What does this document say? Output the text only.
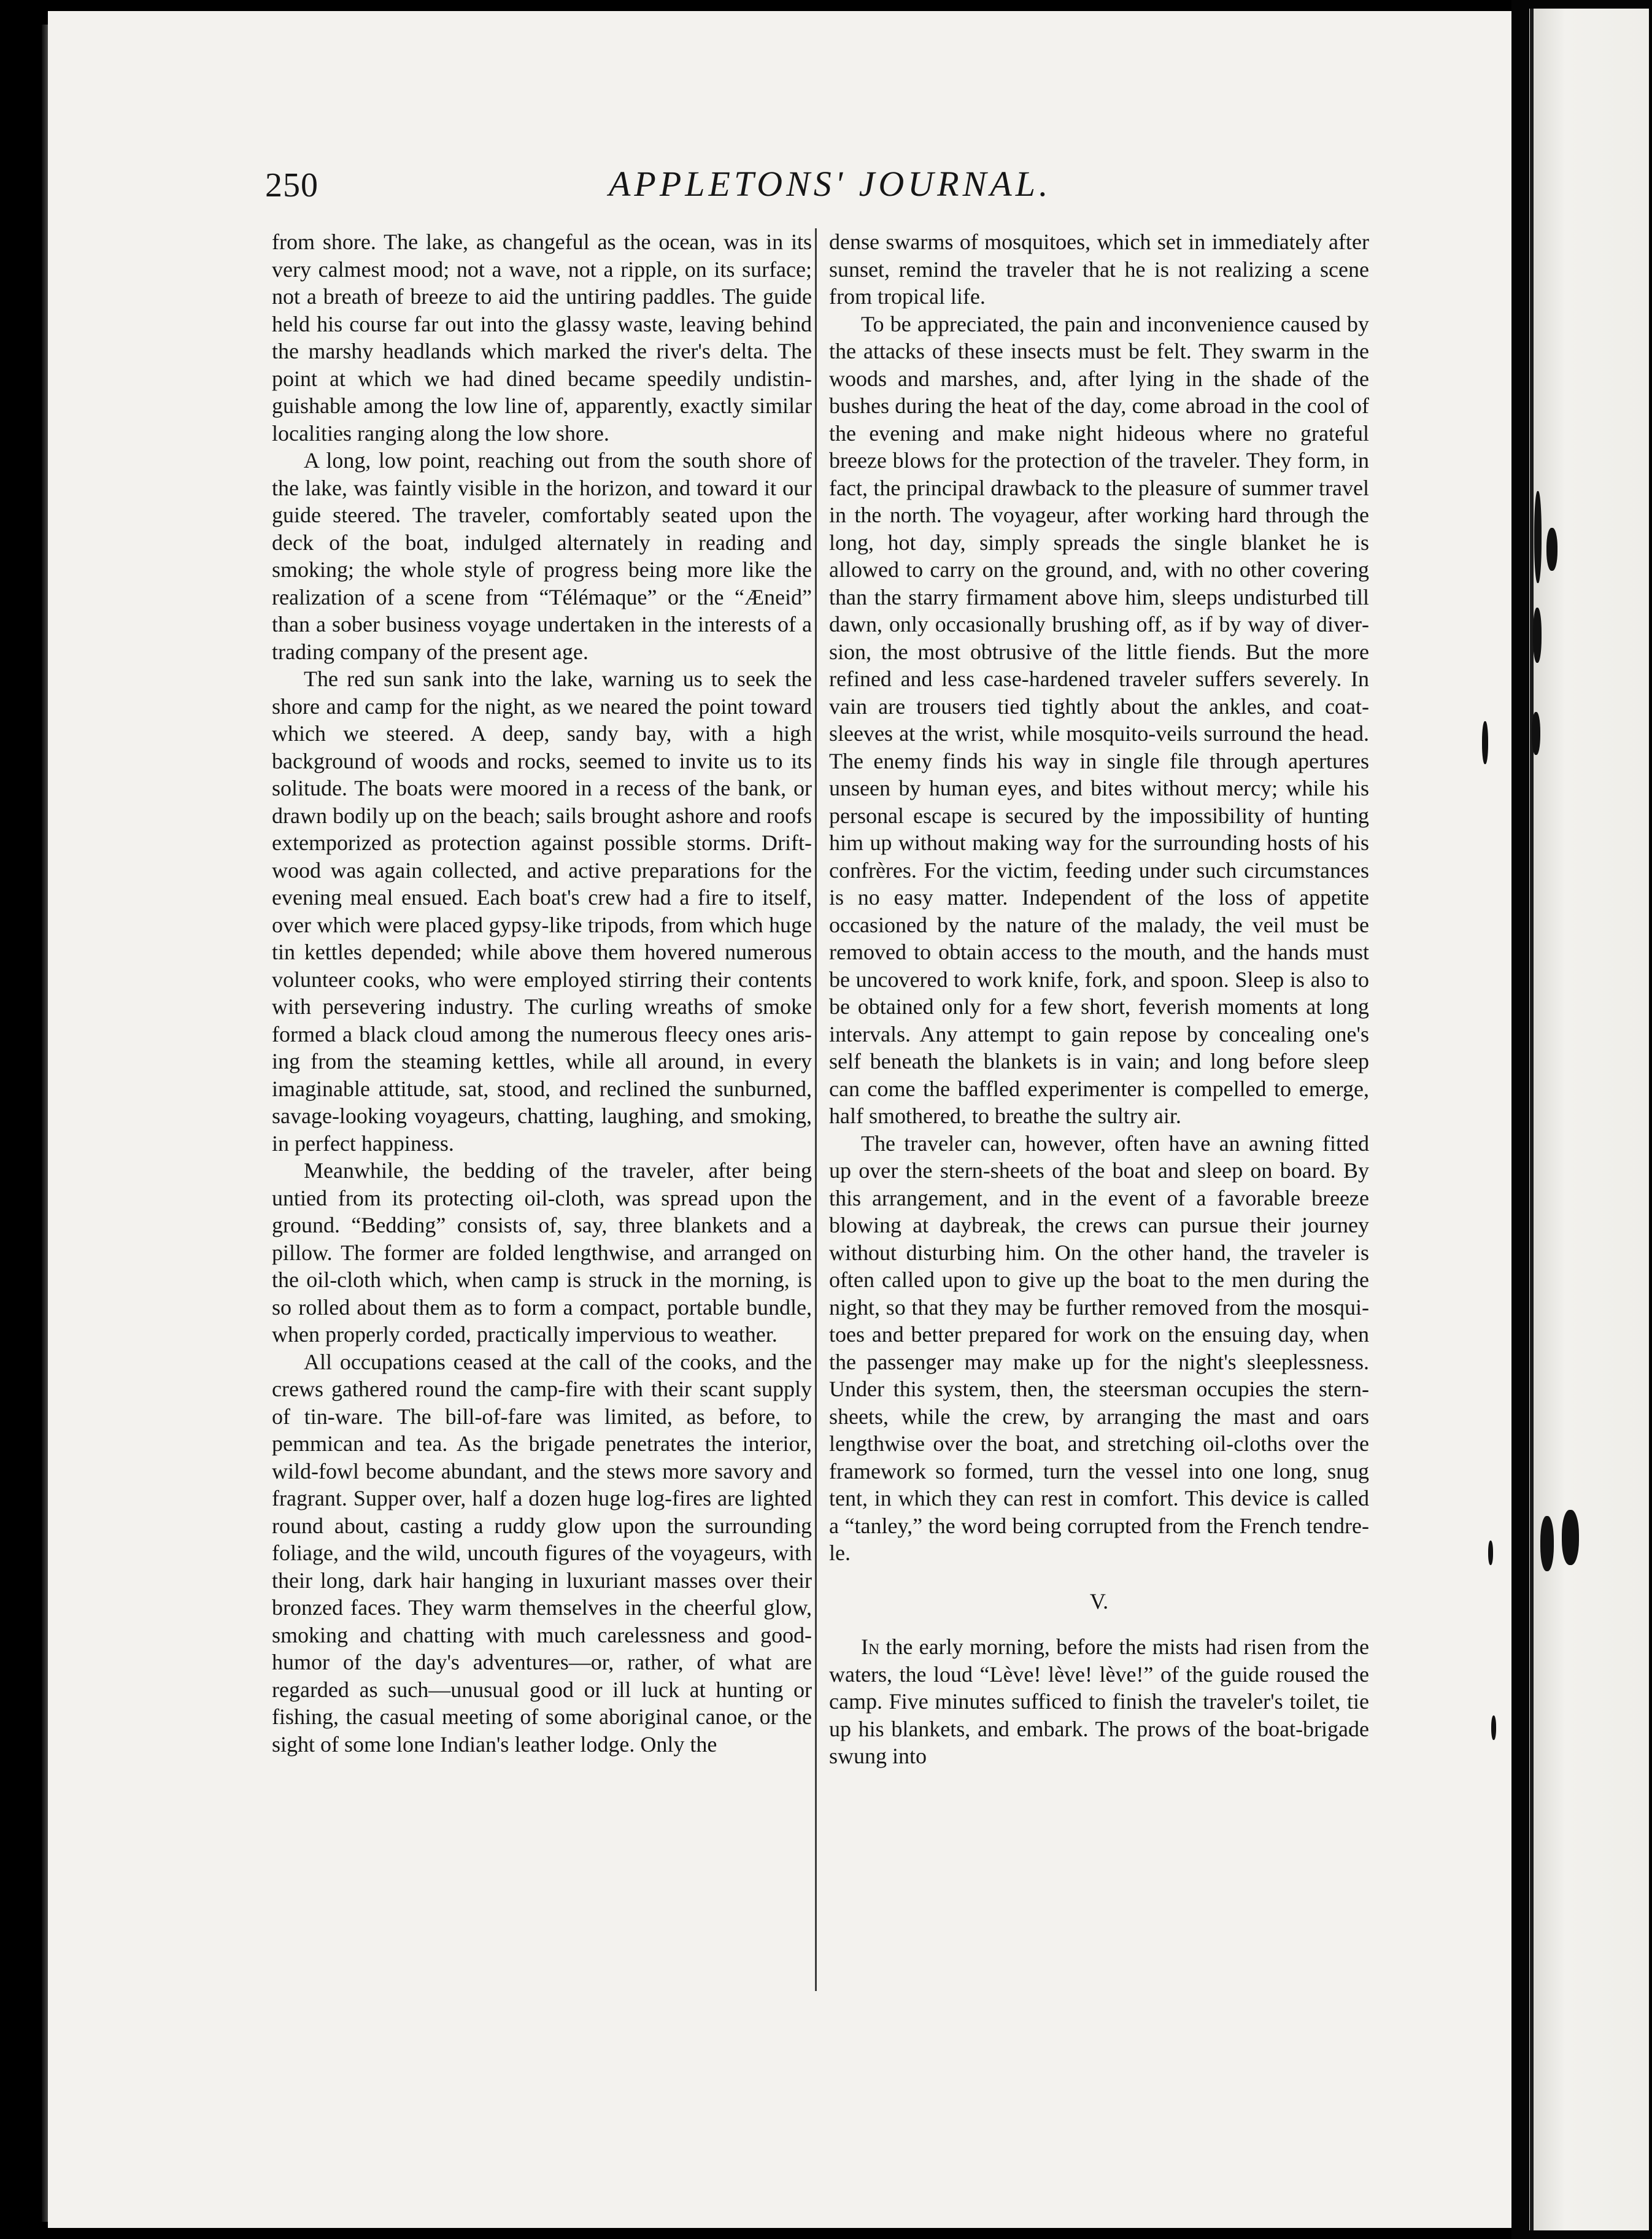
250	APPLETONS' JOURNAL.

from shore. The lake, as changeful as the ocean, was in its very calmest mood; not a wave, not a ripple, on its surface; not a breath of breeze to aid the untiring paddles. The guide held his course far out into the glassy waste, leaving behind the marshy headlands which marked the river's delta. The point at which we had dined became speedily undistinguishable among the low line of, apparently, exactly similar localities ranging along the low shore.

A long, low point, reaching out from the south shore of the lake, was faintly visible in the horizon, and toward it our guide steered. The traveler, comfortably seated upon the deck of the boat, indulged alternately in reading and smoking; the whole style of progress being more like the realization of a scene from “Télémaque” or the “Æneid” than a sober business voyage undertaken in the interests of a trading company of the present age.

The red sun sank into the lake, warning us to seek the shore and camp for the night, as we neared the point toward which we steered. A deep, sandy bay, with a high background of woods and rocks, seemed to invite us to its solitude. The boats were moored in a recess of the bank, or drawn bodily up on the beach; sails brought ashore and roofs extemporized as protection against possible storms. Driftwood was again collected, and active preparations for the evening meal ensued. Each boat's crew had a fire to itself, over which were placed gypsy-like tripods, from which huge tin kettles depended; while above them hovered numerous volunteer cooks, who were employed stirring their contents with persevering industry. The curling wreaths of smoke formed a black cloud among the numerous fleecy ones arising from the steaming kettles, while all around, in every imaginable attitude, sat, stood, and reclined the sunburned, savage-looking voyageurs, chatting, laughing, and smoking, in perfect happiness.

Meanwhile, the bedding of the traveler, after being untied from its protecting oil-cloth, was spread upon the ground. “Bedding” consists of, say, three blankets and a pillow. The former are folded lengthwise, and arranged on the oil-cloth which, when camp is struck in the morning, is so rolled about them as to form a compact, portable bundle, when properly corded, practically impervious to weather.

All occupations ceased at the call of the cooks, and the crews gathered round the camp-fire with their scant supply of tin-ware. The bill-of-fare was limited, as before, to pemmican and tea. As the brigade penetrates the interior, wild-fowl become abundant, and the stews more savory and fragrant. Supper over, half a dozen huge log-fires are lighted round about, casting a ruddy glow upon the surrounding foliage, and the wild, uncouth figures of the voyageurs, with their long, dark hair hanging in luxuriant masses over their bronzed faces. They warm themselves in the cheerful glow, smoking and chatting with much carelessness and good-humor of the day's adventures—or, rather, of what are regarded as such—unusual good or ill luck at hunting or fishing, the casual meeting of some aboriginal canoe, or the sight of some lone Indian's leather lodge. Only the

dense swarms of mosquitoes, which set in immediately after sunset, remind the traveler that he is not realizing a scene from tropical life.

To be appreciated, the pain and inconvenience caused by the attacks of these insects must be felt. They swarm in the woods and marshes, and, after lying in the shade of the bushes during the heat of the day, come abroad in the cool of the evening and make night hideous where no grateful breeze blows for the protection of the traveler. They form, in fact, the principal drawback to the pleasure of summer travel in the north. The voyageur, after working hard through the long, hot day, simply spreads the single blanket he is allowed to carry on the ground, and, with no other covering than the starry firmament above him, sleeps undisturbed till dawn, only occasionally brushing off, as if by way of diversion, the most obtrusive of the little fiends. But the more refined and less case-hardened traveler suffers severely. In vain are trousers tied tightly about the ankles, and coat-sleeves at the wrist, while mosquito-veils surround the head. The enemy finds his way in single file through apertures unseen by human eyes, and bites without mercy; while his personal escape is secured by the impossibility of hunting him up without making way for the surrounding hosts of his confrères. For the victim, feeding under such circumstances is no easy matter. Independent of the loss of appetite occasioned by the nature of the malady, the veil must be removed to obtain access to the mouth, and the hands must be uncovered to work knife, fork, and spoon. Sleep is also to be obtained only for a few short, feverish moments at long intervals. Any attempt to gain repose by concealing one's self beneath the blankets is in vain; and long before sleep can come the baffled experimenter is compelled to emerge, half smothered, to breathe the sultry air.

The traveler can, however, often have an awning fitted up over the stern-sheets of the boat and sleep on board. By this arrangement, and in the event of a favorable breeze blowing at daybreak, the crews can pursue their journey without disturbing him. On the other hand, the traveler is often called upon to give up the boat to the men during the night, so that they may be further removed from the mosquitoes and better prepared for work on the ensuing day, when the passenger may make up for the night's sleeplessness. Under this system, then, the steersman occupies the stern-sheets, while the crew, by arranging the mast and oars lengthwise over the boat, and stretching oil-cloths over the framework so formed, turn the vessel into one long, snug tent, in which they can rest in comfort. This device is called a “tanley,” the word being corrupted from the French tendre-le.

V.

In the early morning, before the mists had risen from the waters, the loud “Lève! lève! lève!” of the guide roused the camp. Five minutes sufficed to finish the traveler's toilet, tie up his blankets, and embark. The prows of the boat-brigade swung into
